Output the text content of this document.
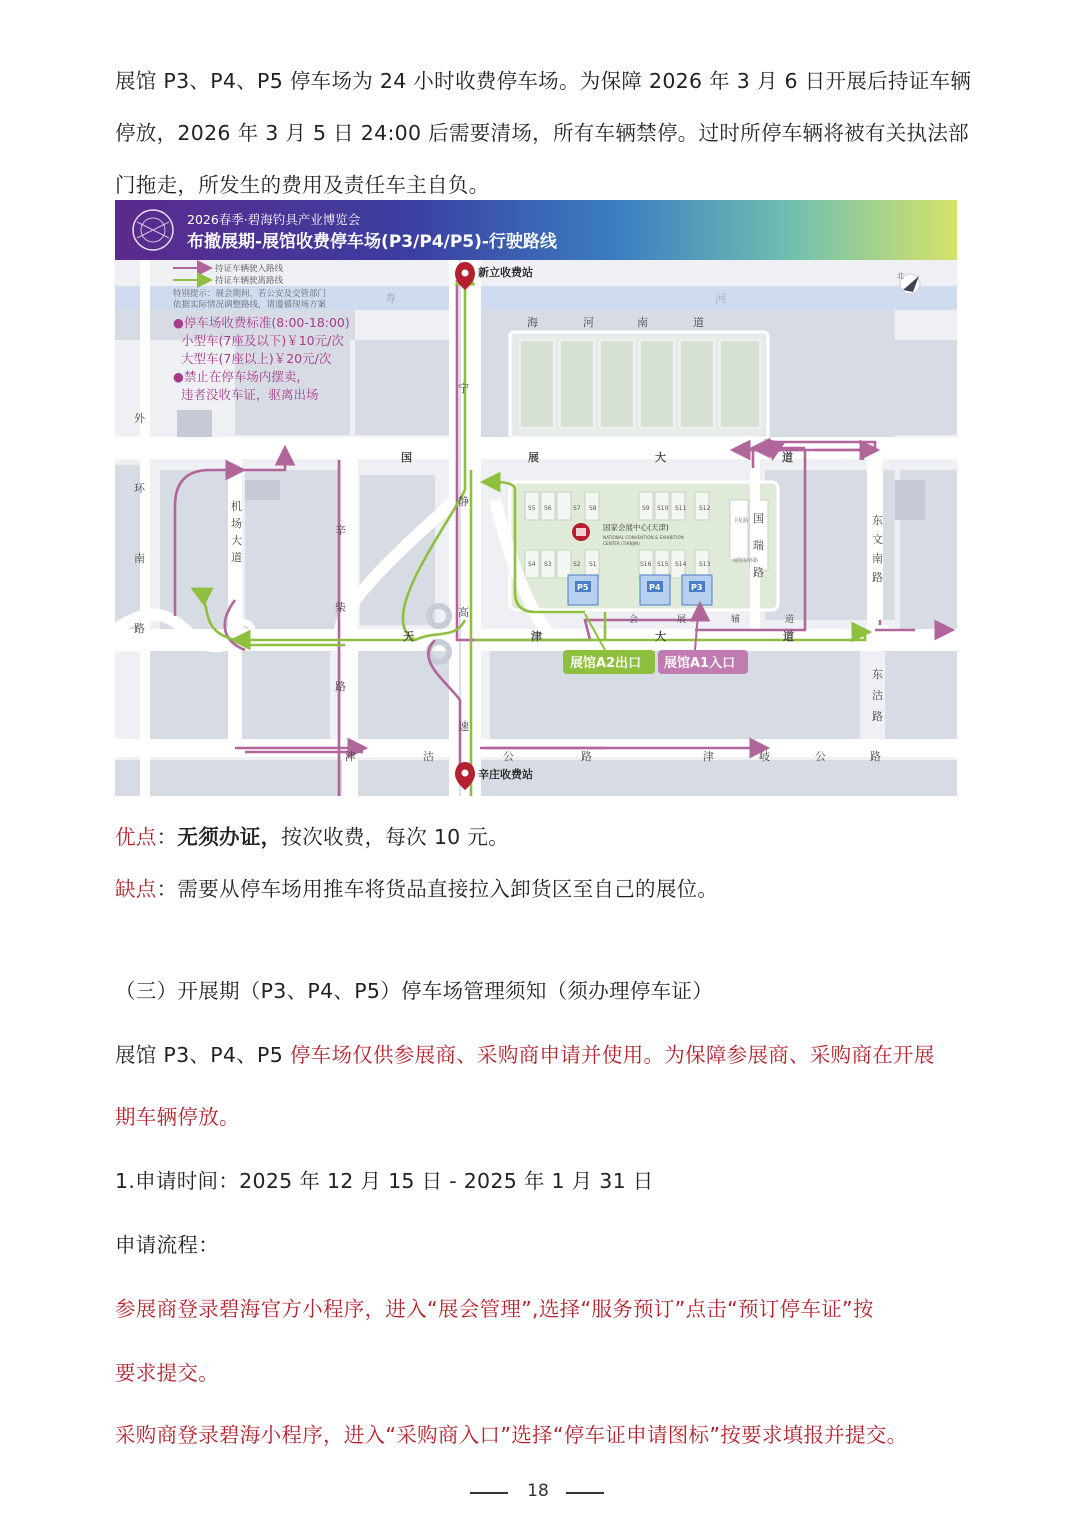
展馆 P3、P4、P5 停车场为 24 小时收费停车场。为保障 2026 年 3 月 6 日开展后持证车辆
停放，2026 年 3 月 5 日 24:00 后需要清场，所有车辆禁停。过时所停车辆将被有关执法部
门拖走，所发生的费用及责任车主自负。
2026春季·碧海钓具产业博览会
布撤展期-展馆收费停车场(P3/P4/P5)-行驶路线
持证车辆驶入路线
持证车辆驶离路线
特别提示：展会期间，若公安及交管部门
依据实际情况调整路线，请遵循现场方案
●停车场收费标准(8:00-18:00)
小型车(7座及以下)￥10元/次
大型车(7座以上)￥20元/次
●禁止在停车场内摆卖，
违者没收车证，驱离出场
新立收费站
辛庄收费站
北
S5 S6	S7 S8	S9 S10 S11 S12
S4 S3	S2 S1	S16 S15 S14 S13
国家会展中心(天津)
NATIONAL CONVENTION & EXHIBITION
CENTER (TIANJIN)
P5	P4	P3
展馆A2出口 展馆A1入口
寿	河
海	河	南	道
国	展	大	道
会	展	辅	道
天	津	大	道
津	沽	公	路	津	岐	公	路
外
环
南
路
机
场
大
道
辛
柴
路
宁
静
高
速
国
瑞
路
东
文
南
路
东
沽
路
卫星路
展馆东环路
优点：无须办证，按次收费，每次 10 元。
缺点：需要从停车场用推车将货品直接拉入卸货区至自己的展位。
（三）开展期（P3、P4、P5）停车场管理须知（须办理停车证）
展馆 P3、P4、P5 停车场仅供参展商、采购商申请并使用。为保障参展商、采购商在开展
期车辆停放。
1.申请时间：2025 年 12 月 15 日 - 2025 年 1 月 31 日
申请流程：
参展商登录碧海官方小程序，进入“展会管理”,选择“服务预订”点击“预订停车证”按
要求提交。
采购商登录碧海小程序，进入“采购商入口”选择“停车证申请图标”按要求填报并提交。
18
